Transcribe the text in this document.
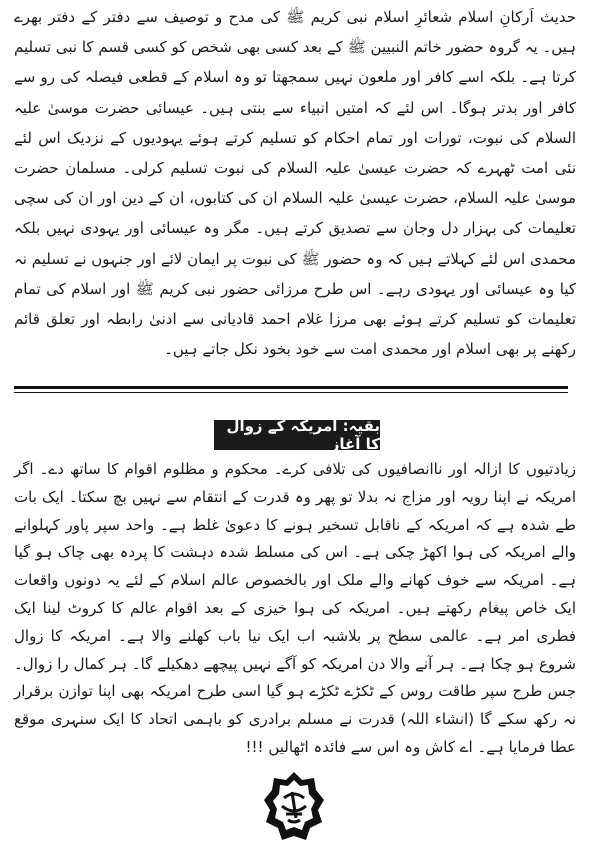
حدیث اَرکانِ اسلام شعائرِ اسلام نبی کریم ﷺ کی مدح و توصیف سے دفتر کے دفتر بھرے ہیں۔ یہ گروہ حضور خاتم النبیین ﷺ کے بعد کسی بھی شخص کو کسی قسم کا نبی تسلیم کرتا ہے۔ بلکہ اسے کافر اور ملعون نہیں سمجھتا تو وہ اسلام کے قطعی فیصلہ کی رو سے کافر اور بدتر ہوگا۔ اس لئے کہ امتیں انبیاء سے بنتی ہیں۔ عیسائی حضرت موسیٰ علیہ السلام کی نبوت، تورات اور تمام احکام کو تسلیم کرتے ہوئے یہودیوں کے نزدیک اس لئے نئی امت ٹھہرے کہ حضرت عیسیٰ علیہ السلام کی نبوت تسلیم کرلی۔ مسلمان حضرت موسیٰ علیہ السلام، حضرت عیسیٰ علیہ السلام ان کی کتابوں، ان کے دین اور ان کی سچی تعلیمات کی بہزار دل وجان سے تصدیق کرتے ہیں۔ مگر وہ عیسائی اور یہودی نہیں بلکہ محمدی اس لئے کہلاتے ہیں کہ وہ حضور ﷺ کی نبوت پر ایمان لائے اور جنہوں نے تسلیم نہ کیا وہ عیسائی اور یہودی رہے۔ اس طرح مرزائی حضور نبی کریم ﷺ اور اسلام کی تمام تعلیمات کو تسلیم کرتے ہوئے بھی مرزا غلام احمد قادیانی سے ادنیٰ رابطہ اور تعلق قائم رکھنے پر بھی اسلام اور محمدی امت سے خود بخود نکل جاتے ہیں۔

بقیہ: امریکہ کے زوال کا آغاز

زیادتیوں کا ازالہ اور ناانصافیوں کی تلافی کرے۔ محکوم و مظلوم اقوام کا ساتھ دے۔ اگر امریکہ نے اپنا رویہ اور مزاج نہ بدلا تو پھر وہ قدرت کے انتقام سے نہیں بچ سکتا۔ ایک بات طے شدہ ہے کہ امریکہ کے ناقابل تسخیر ہونے کا دعویٰ غلط ہے۔ واحد سپر پاور کہلوانے والے امریکہ کی ہوا اکھڑ چکی ہے۔ اس کی مسلط شدہ دہشت کا پردہ بھی چاک ہو گیا ہے۔ امریکہ سے خوف کھانے والے ملک اور بالخصوص عالم اسلام کے لئے یہ دونوں واقعات ایک خاص پیغام رکھتے ہیں۔ امریکہ کی ہوا خیزی کے بعد اقوام عالم کا کروٹ لینا ایک فطری امر ہے۔ عالمی سطح پر بلاشبہ اب ایک نیا باب کھلنے والا ہے۔ امریکہ کا زوال شروع ہو چکا ہے۔ ہر آنے والا دن امریکہ کو آگے نہیں پیچھے دھکیلے گا۔ ہر کمال را زوال۔ جس طرح سپر طاقت روس کے ٹکڑے ٹکڑے ہو گیا اسی طرح امریکہ بھی اپنا توازن برقرار نہ رکھ سکے گا (انشاء اللہ) قدرت نے مسلم برادری کو باہمی اتحاد کا ایک سنہری موقع عطا فرمایا ہے۔ اے کاش وہ اس سے فائدہ اٹھالیں !!!
